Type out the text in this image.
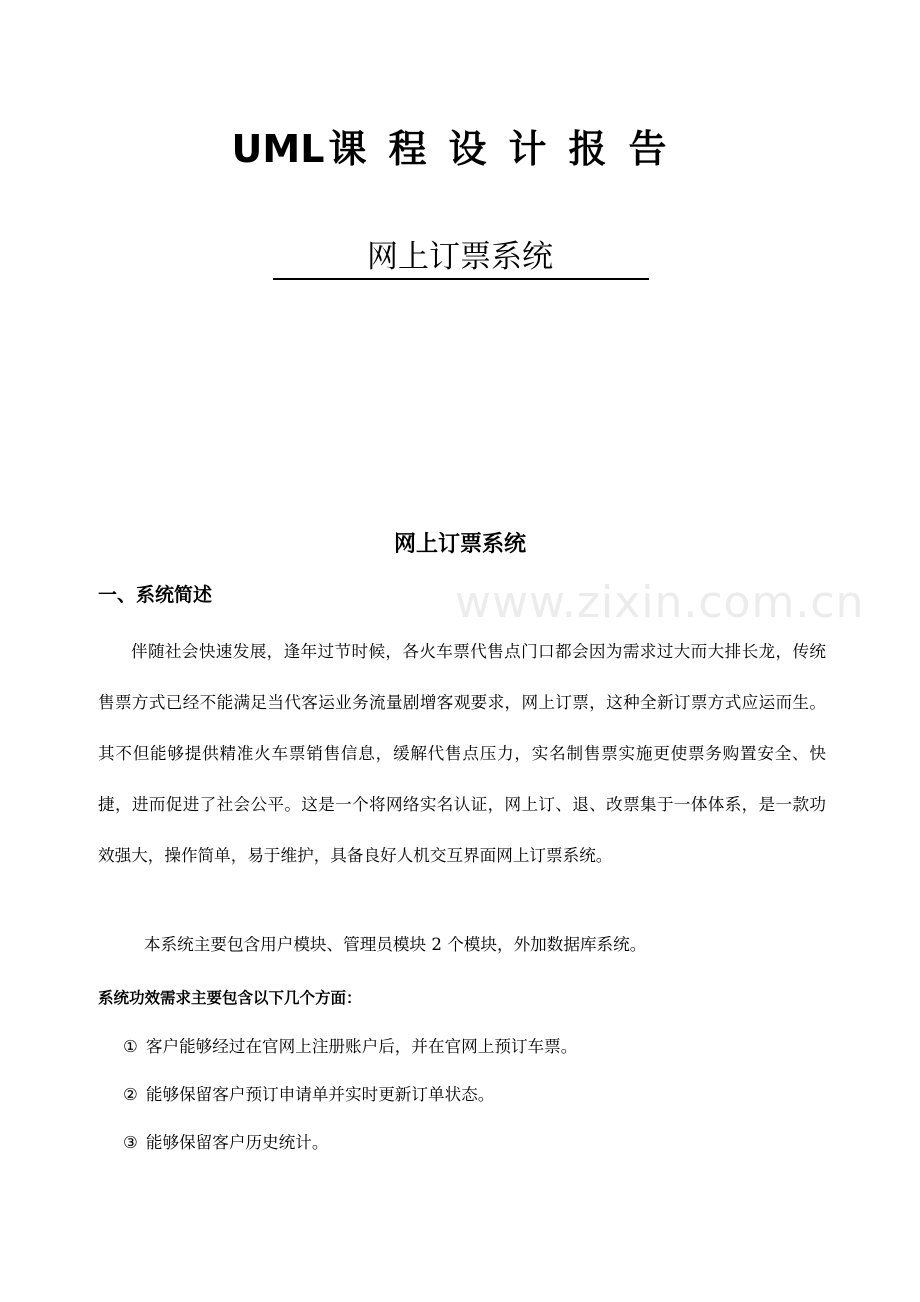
www.zixin.com.cn
UML 课程设计报告
网上订票系统
网上订票系统
一、系统简述
伴随社会快速发展，逢年过节时候，各火车票代售点门口都会因为需求过大而大排长龙，传统售票方式已经不能满足当代客运业务流量剧增客观要求，网上订票，这种全新订票方式应运而生。其不但能够提供精准火车票销售信息，缓解代售点压力，实名制售票实施更使票务购置安全、快捷，进而促进了社会公平。这是一个将网络实名认证，网上订、退、改票集于一体体系，是一款功效强大，操作简单，易于维护，具备良好人机交互界面网上订票系统。
本系统主要包含用户模块、管理员模块 2 个模块，外加数据库系统。
系统功效需求主要包含以下几个方面：
① 客户能够经过在官网上注册账户后，并在官网上预订车票。
② 能够保留客户预订申请单并实时更新订单状态。
③ 能够保留客户历史统计。
